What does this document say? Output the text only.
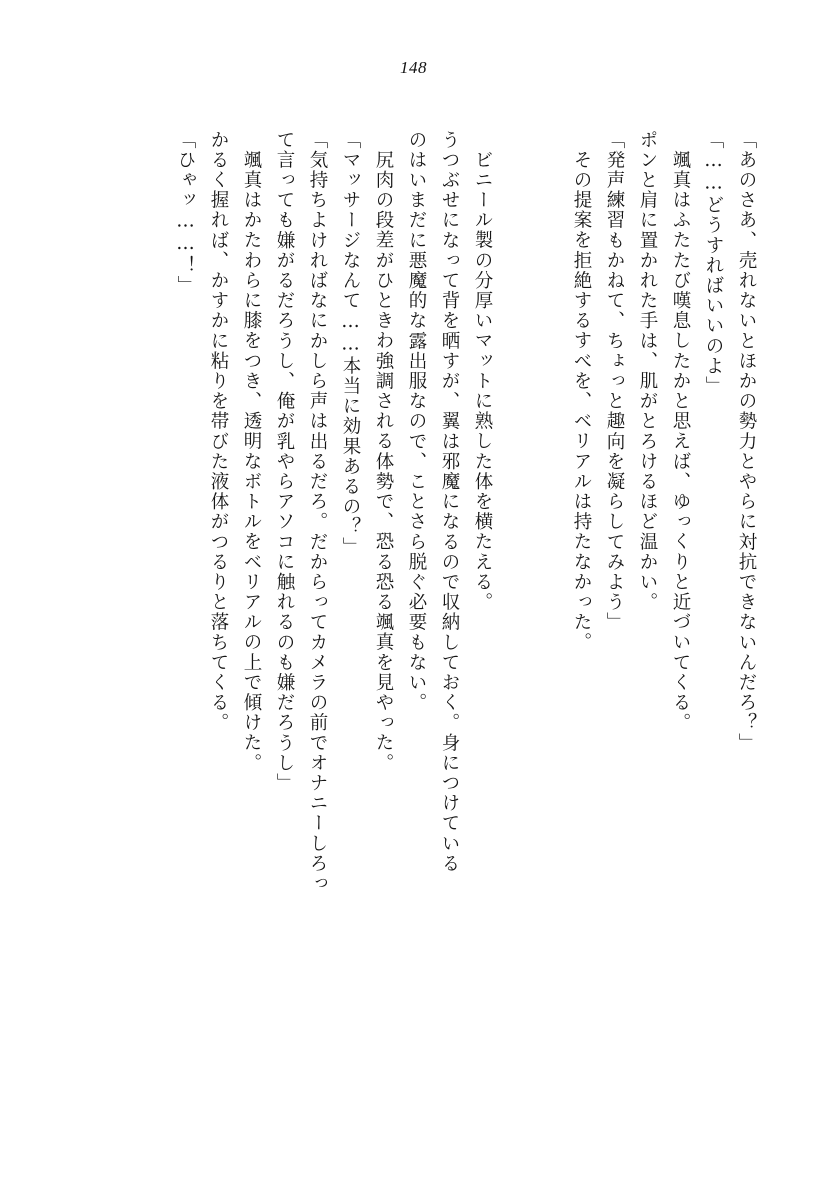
148
「あのさあ、売れないとほかの勢力とやらに対抗できないんだろ？」
「……どうすればいいのよ」
颯真はふたたび嘆息したかと思えば、ゆっくりと近づいてくる。
ポンと肩に置かれた手は、肌がとろけるほど温かい。
「発声練習もかねて、ちょっと趣向を凝らしてみよう」
その提案を拒絶するすべを、ベリアルは持たなかった。
ビニール製の分厚いマットに熟した体を横たえる。
うつぶせになって背を晒すが、翼は邪魔になるので収納しておく。身につけている
のはいまだに悪魔的な露出服なので、ことさら脱ぐ必要もない。
尻肉の段差がひときわ強調される体勢で、恐る恐る颯真を見やった。
「マッサージなんて……本当に効果あるの？」
「気持ちよければなにかしら声は出るだろ。だからってカメラの前でオナニーしろっ
て言っても嫌がるだろうし、俺が乳やらアソコに触れるのも嫌だろうし」
颯真はかたわらに膝をつき、透明なボトルをベリアルの上で傾けた。
かるく握れば、かすかに粘りを帯びた液体がつるりと落ちてくる。
「ひゃッ……！」
